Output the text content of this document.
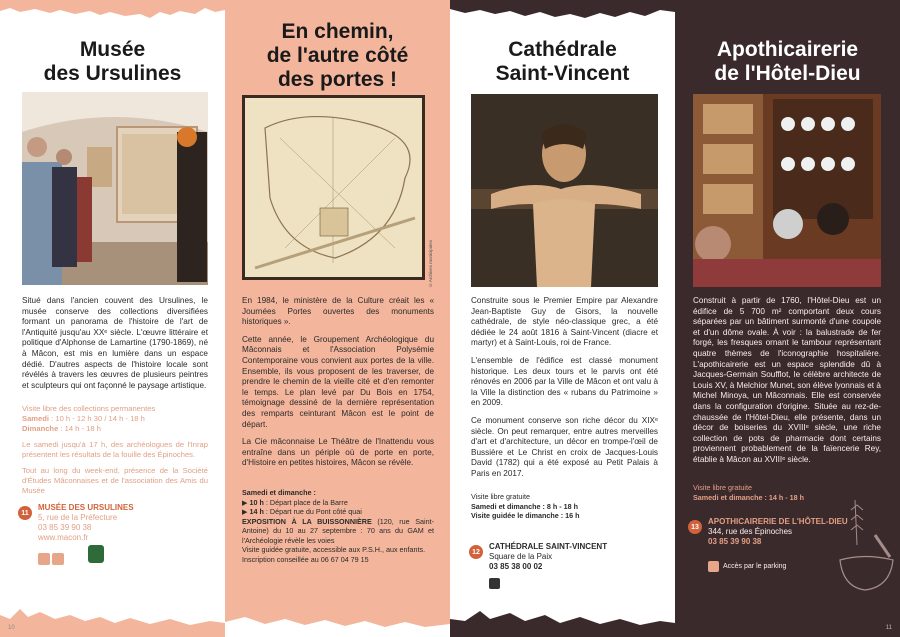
Musée
des Ursulines

Situé dans l'ancien couvent des Ursulines, le musée conserve des collections diversifiées formant un panorama de l'histoire de l'art de l'Antiquité jusqu'au XXᵉ siècle. L'œuvre littéraire et politique d'Alphonse de Lamartine (1790-1869), né à Mâcon, est mis en lumière dans un espace dédié. D'autres aspects de l'histoire locale sont révélés à travers les œuvres de plusieurs peintres et sculpteurs qui ont façonné le paysage artistique.

Visite libre des collections permanentes
Samedi : 10 h - 12 h 30 / 14 h - 18 h
Dimanche : 14 h - 18 h
Le samedi jusqu'à 17 h, des archéologues de l'Inrap présentent les résultats de la fouille des Épinoches.
Tout au long du week-end, présence de la Société d'Études Mâconnaises et de l'association des Amis du Musée
11
MUSÉE DES URSULINES
5, rue de la Préfecture
03 85 39 90 38
www.macon.fr
10
En chemin,
de l'autre côté
des portes !
©Archives municipales

En 1984, le ministère de la Culture créait les « Journées Portes ouvertes des monuments historiques ».

Cette année, le Groupement Archéologique du Mâconnais et l'Association Polysémie Contemporaine vous convient aux portes de la ville. Ensemble, ils vous proposent de les traverser, de prendre le chemin de la vieille cité et d'en remonter le temps. Le plan levé par Du Bois en 1754, témoignage dessiné de la dernière représentation des remparts ceinturant Mâcon est le point de départ.

La Cie mâconnaise Le Théâtre de l'Inattendu vous entraîne dans un périple où de porte en porte, d'Histoire en petites histoires, Mâcon se révèle.

Samedi et dimanche :
▶ 10 h : Départ place de la Barre
▶ 14 h : Départ rue du Pont côté quai
EXPOSITION À LA BUISSONNIÈRE (120, rue Saint-Antoine) du 10 au 27 septembre : 70 ans du GAM et l'Archéologie révèle les voies
Visite guidée gratuite, accessible aux P.S.H., aux enfants.
Inscription conseillée au 06 67 04 79 15
Cathédrale
Saint-Vincent

Construite sous le Premier Empire par Alexandre Jean-Baptiste Guy de Gisors, la nouvelle cathédrale, de style néo-classique grec, a été dédiée le 24 août 1816 à Saint-Vincent (diacre et martyr) et à Saint-Louis, roi de France.

L'ensemble de l'édifice est classé monument historique. Les deux tours et le parvis ont été rénovés en 2006 par la Ville de Mâcon et ont valu à la Ville la distinction des « rubans du Patrimoine » en 2009.

Ce monument conserve son riche décor du XIXᵉ siècle. On peut remarquer, entre autres merveilles d'art et d'architecture, un décor en trompe-l'œil de Bussière et Le Christ en croix de Jacques-Louis David (1782) qui a été exposé au Petit Palais à Paris en 2017.

Visite libre gratuite
Samedi et dimanche : 8 h - 18 h
Visite guidée le dimanche : 16 h
12
CATHÉDRALE SAINT-VINCENT
Square de la Paix
03 85 38 00 02
Apothicairerie
de l'Hôtel-Dieu

Construit à partir de 1760, l'Hôtel-Dieu est un édifice de 5 700 m² comportant deux cours séparées par un bâtiment surmonté d'une coupole et d'un dôme ovale. À voir : la balustrade de fer forgé, les fresques ornant le tambour représentant quatre thèmes de l'iconographie hospitalière. L'apothicairerie est un espace splendide dû à Jacques-Germain Soufflot, le célèbre architecte de Louis XV, à Melchior Munet, son élève lyonnais et à Michel Minoya, un Mâconnais. Elle est conservée dans la configuration d'origine. Située au rez-de-chaussée de l'Hôtel-Dieu, elle présente, dans un décor de boiseries du XVIIIᵉ siècle, une riche collection de pots de pharmacie dont certains proviennent probablement de la faïencerie Rey, établie à Mâcon au XVIIIᵉ siècle.

Visite libre gratuite
Samedi et dimanche : 14 h - 18 h
13
APOTHICAIRERIE DE L'HÔTEL-DIEU
344, rue des Épinoches
03 85 39 90 38
Accès par le parking
11
